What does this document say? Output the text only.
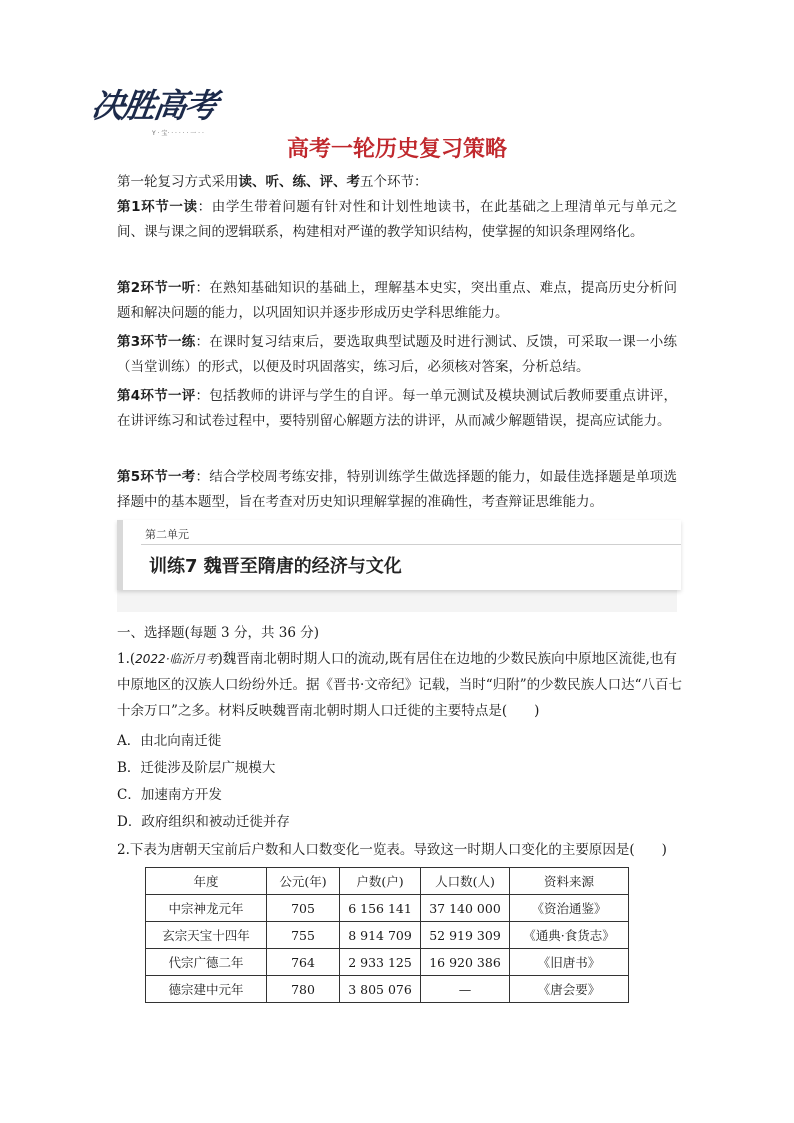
决胜高考
Y · 宝· · · · · · 一 · ·
高考一轮历史复习策略

第一轮复习方式采用读、听、练、评、考五个环节：

第1环节一读：由学生带着问题有针对性和计划性地读书，在此基础之上理清单元与单元之间、课与课之间的逻辑联系，构建相对严谨的教学知识结构，使掌握的知识条理网络化。

第2环节一听：在熟知基础知识的基础上，理解基本史实，突出重点、难点，提高历史分析问题和解决问题的能力，以巩固知识并逐步形成历史学科思维能力。

第3环节一练：在课时复习结束后，要选取典型试题及时进行测试、反馈，可采取一课一小练（当堂训练）的形式，以便及时巩固落实，练习后，必须核对答案，分析总结。

第4环节一评：包括教师的讲评与学生的自评。每一单元测试及模块测试后教师要重点讲评，在讲评练习和试卷过程中，要特别留心解题方法的讲评，从而减少解题错误，提高应试能力。

第5环节一考：结合学校周考练安排，特别训练学生做选择题的能力，如最佳选择题是单项选择题中的基本题型，旨在考查对历史知识理解掌握的准确性，考查辩证思维能力。

第二单元
训练7 魏晋至隋唐的经济与文化

一、选择题(每题 3 分，共 36 分)

1.(2022·临沂月考)魏晋南北朝时期人口的流动,既有居住在边地的少数民族向中原地区流徙,也有中原地区的汉族人口纷纷外迁。据《晋书·文帝纪》记载，当时“归附”的少数民族人口达“八百七十余万口”之多。材料反映魏晋南北朝时期人口迁徙的主要特点是(　　)

A．由北向南迁徙
B．迁徙涉及阶层广规模大
C．加速南方开发
D．政府组织和被动迁徙并存

2.下表为唐朝天宝前后户数和人口数变化一览表。导致这一时期人口变化的主要原因是(　　)

年度	公元(年)	户数(户)	人口数(人)	资料来源
中宗神龙元年	705	6 156 141	37 140 000	《资治通鉴》
玄宗天宝十四年	755	8 914 709	52 919 309	《通典·食货志》
代宗广德二年	764	2 933 125	16 920 386	《旧唐书》
德宗建中元年	780	3 805 076	—	《唐会要》
